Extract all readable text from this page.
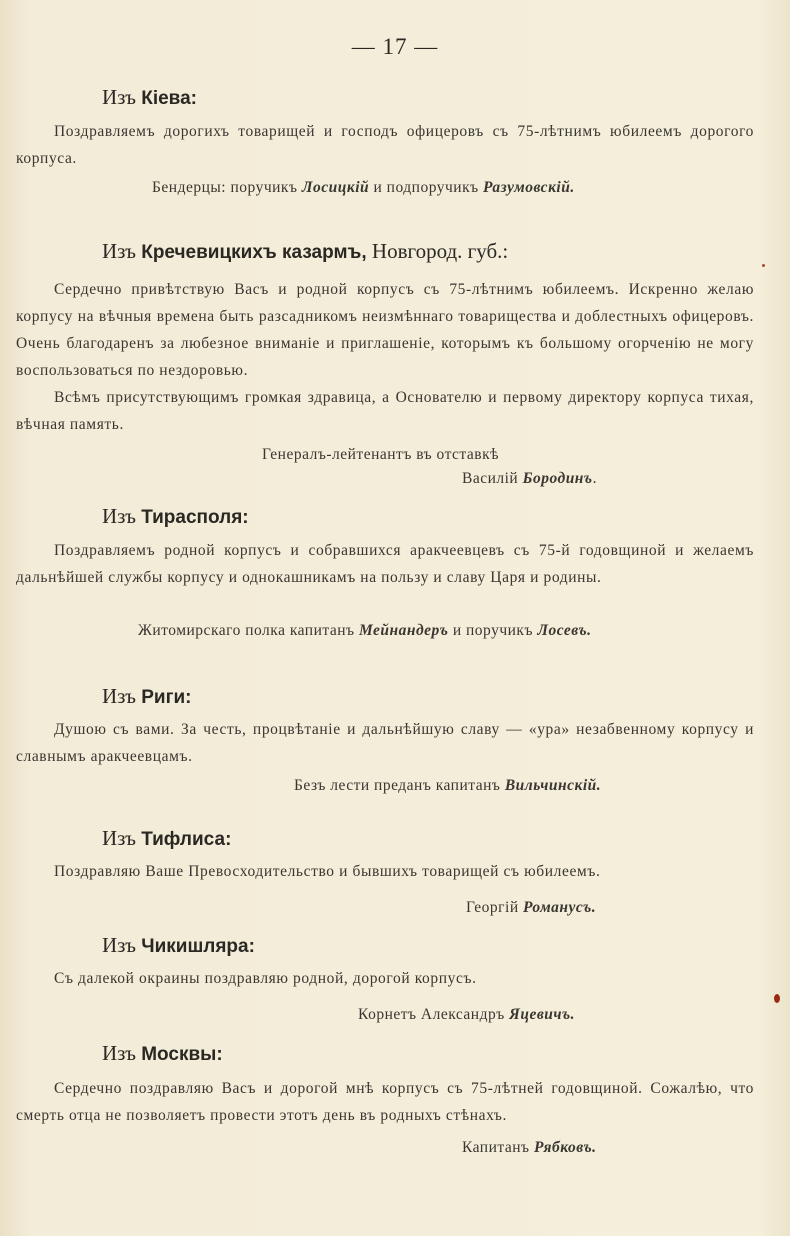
— 17 —
Изъ Кіева:

Поздравляемъ дорогихъ товарищей и господъ офицеровъ съ 75-лѣтнимъ юбилеемъ дорогого корпуса.

Бендерцы: поручикъ Лосицкій и подпоручикъ Разумовскій.
Изъ Кречевицкихъ казармъ, Новгород. губ.:

Сердечно привѣтствую Васъ и родной корпусъ съ 75-лѣтнимъ юбилеемъ. Искренно желаю корпусу на вѣчныя времена быть разсадникомъ неизмѣннаго товарищества и доблестныхъ офицеровъ. Очень благодаренъ за любезное вниманіе и приглашеніе, которымъ къ большому огорченію не могу воспользоваться по нездоровью.

Всѣмъ присутствующимъ громкая здравица, а Основателю и первому директору корпуса тихая, вѣчная память.

Генералъ-лейтенантъ въ отставкѣ
Василій Бородинъ.
Изъ Тирасполя:

Поздравляемъ родной корпусъ и собравшихся аракчеевцевъ съ 75-й годовщиной и желаемъ дальнѣйшей службы корпусу и однокашникамъ на пользу и славу Царя и родины.

Житомирскаго полка капитанъ Мейнандеръ и поручикъ Лосевъ.
Изъ Риги:

Душою съ вами. За честь, процвѣтаніе и дальнѣйшую славу — «ура» незабвенному корпусу и славнымъ аракчеевцамъ.

Безъ лести преданъ капитанъ Вильчинскій.
Изъ Тифлиса:

Поздравляю Ваше Превосходительство и бывшихъ товарищей съ юбилеемъ.

Георгій Романусъ.
Изъ Чикишляра:

Съ далекой окраины поздравляю родной, дорогой корпусъ.

Корнетъ Александръ Яцевичъ.
Изъ Москвы:

Сердечно поздравляю Васъ и дорогой мнѣ корпусъ съ 75-лѣтней годовщиной. Сожалѣю, что смерть отца не позволяетъ провести этотъ день въ родныхъ стѣнахъ.

Капитанъ Рябковъ.
